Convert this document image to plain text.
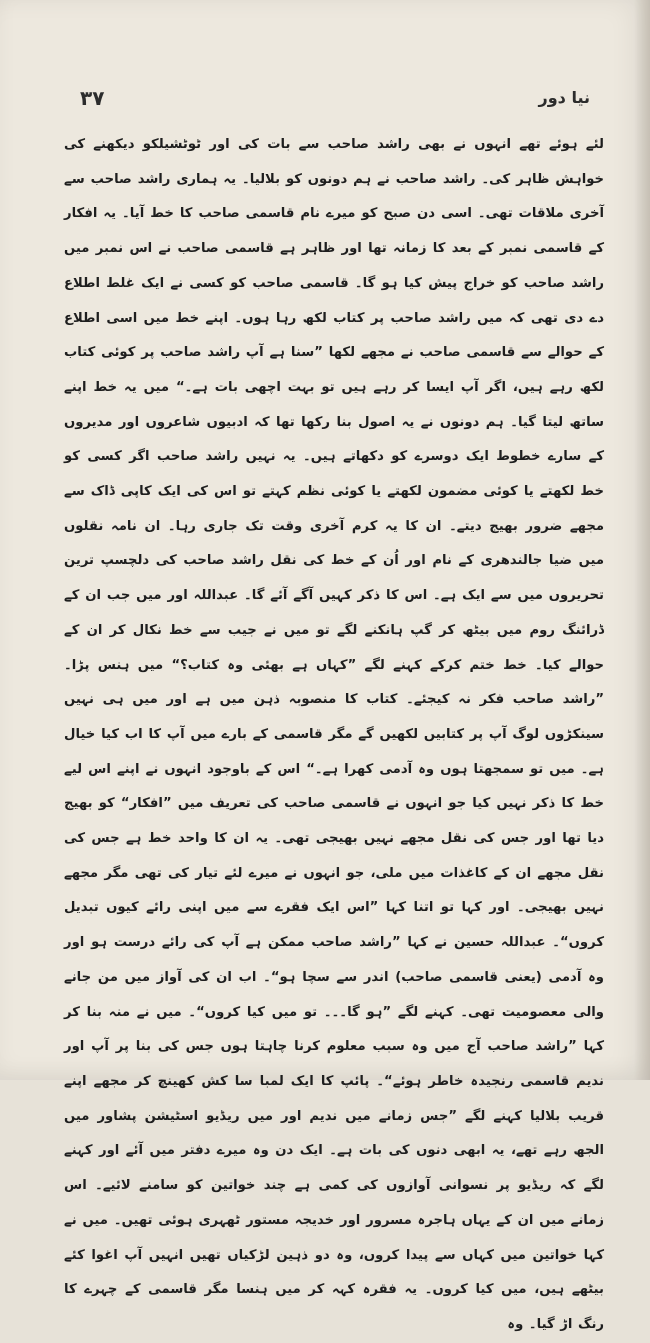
۳۷	نیا دور

لئے ہوئے تھے انہوں نے بھی راشد صاحب سے بات کی اور ٹوٹشیلکو دیکھنے کی خواہش ظاہر کی۔ راشد صاحب نے ہم دونوں کو بلالیا۔ یہ ہماری راشد صاحب سے آخری ملاقات تھی۔ اسی دن صبح کو میرے نام قاسمی صاحب کا خط آیا۔ یہ افکار کے قاسمی نمبر کے بعد کا زمانہ تھا اور ظاہر ہے قاسمی صاحب نے اس نمبر میں راشد صاحب کو خراج پیش کیا ہو گا۔ قاسمی صاحب کو کسی نے ایک غلط اطلاع دے دی تھی کہ میں راشد صاحب پر کتاب لکھ رہا ہوں۔ اپنے خط میں اسی اطلاع کے حوالے سے قاسمی صاحب نے مجھے لکھا ”سنا ہے آپ راشد صاحب پر کوئی کتاب لکھ رہے ہیں، اگر آپ ایسا کر رہے ہیں تو بہت اچھی بات ہے۔“ میں یہ خط اپنے ساتھ لیتا گیا۔ ہم دونوں نے یہ اصول بنا رکھا تھا کہ ادبیوں شاعروں اور مدیروں کے سارے خطوط ایک دوسرے کو دکھاتے ہیں۔ یہ نہیں راشد صاحب اگر کسی کو خط لکھتے یا کوئی مضمون لکھتے یا کوئی نظم کہتے تو اس کی ایک کاپی ڈاک سے مجھے ضرور بھیج دیتے۔ ان کا یہ کرم آخری وقت تک جاری رہا۔ ان نامہ نقلوں میں ضیا جالندھری کے نام اور اُن کے خط کی نقل راشد صاحب کی دلچسپ ترین تحریروں میں سے ایک ہے۔ اس کا ذکر کہیں آگے آئے گا۔ عبداللہ اور میں جب ان کے ڈرائنگ روم میں بیٹھ کر گپ ہانکنے لگے تو میں نے جیب سے خط نکال کر ان کے حوالے کیا۔ خط ختم کرکے کہنے لگے ”کہاں ہے بھئی وہ کتاب؟“ میں ہنس پڑا۔ ”راشد صاحب فکر نہ کیجئے۔ کتاب کا منصوبہ ذہن میں ہے اور میں ہی نہیں سینکڑوں لوگ آپ پر کتابیں لکھیں گے مگر قاسمی کے بارے میں آپ کا اب کیا خیال ہے۔ میں تو سمجھتا ہوں وہ آدمی کھرا ہے۔“ اس کے باوجود انہوں نے اپنے اس لیے خط کا ذکر نہیں کیا جو انہوں نے قاسمی صاحب کی تعریف میں ”افکار“ کو بھیج دیا تھا اور جس کی نقل مجھے نہیں بھیجی تھی۔ یہ ان کا واحد خط ہے جس کی نقل مجھے ان کے کاغذات میں ملی، جو انہوں نے میرے لئے تیار کی تھی مگر مجھے نہیں بھیجی۔ اور کہا تو اتنا کہا ”اس ایک فقرے سے میں اپنی رائے کیوں تبدیل کروں“۔ عبداللہ حسین نے کہا ”راشد صاحب ممکن ہے آپ کی رائے درست ہو اور وہ آدمی (یعنی قاسمی صاحب) اندر سے سچا ہو“۔ اب ان کی آواز میں من جانے والی معصومیت تھی۔ کہنے لگے ”ہو گا۔۔۔ تو میں کیا کروں“۔ میں نے منہ بنا کر کہا ”راشد صاحب آج میں وہ سبب معلوم کرنا چاہتا ہوں جس کی بنا پر آپ اور ندیم قاسمی رنجیدہ خاطر ہوئے“۔ پائپ کا ایک لمبا سا کش کھینچ کر مجھے اپنے قریب بلالیا کہنے لگے ”جس زمانے میں ندیم اور میں ریڈیو اسٹیشن پشاور میں الجھ رہے تھے، یہ ابھی دنوں کی بات ہے۔ ایک دن وہ میرے دفتر میں آئے اور کہنے لگے کہ ریڈیو پر نسوانی آوازوں کی کمی ہے چند خواتین کو سامنے لائیے۔ اس زمانے میں ان کے یہاں ہاجرہ مسرور اور خدیجہ مستور ٹھہری ہوئی تھیں۔ میں نے کہا خواتین میں کہاں سے پیدا کروں، وہ دو ذہین لڑکیاں تھیں انہیں آپ اغوا کئے بیٹھے ہیں، میں کیا کروں۔ یہ فقرہ کہہ کر میں ہنسا مگر قاسمی کے چہرے کا رنگ اڑ گیا۔ وہ
